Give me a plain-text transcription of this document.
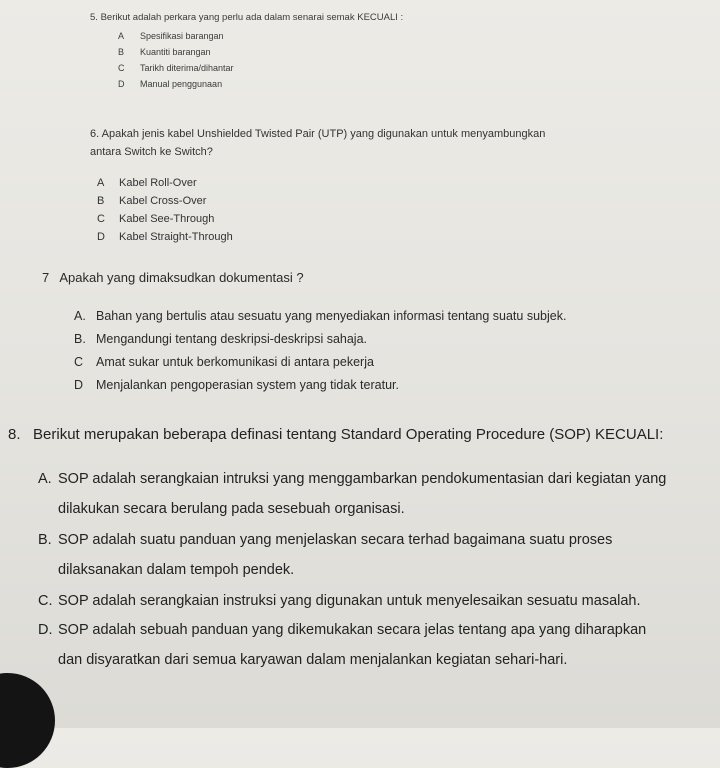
5. Berikut adalah perkara yang perlu ada dalam senarai semak KECUALI :
A Spesifikasi barangan
B Kuantiti barangan
C Tarikh diterima/dihantar
D Manual penggunaan
6. Apakah jenis kabel Unshielded Twisted Pair (UTP) yang digunakan untuk menyambungkan
antara Switch ke Switch?
A Kabel Roll-Over
B Kabel Cross-Over
C Kabel See-Through
D Kabel Straight-Through
7 Apakah yang dimaksudkan dokumentasi ?
A. Bahan yang bertulis atau sesuatu yang menyediakan informasi tentang suatu subjek.
B. Mengandungi tentang deskripsi-deskripsi sahaja.
C Amat sukar untuk berkomunikasi di antara pekerja
D Menjalankan pengoperasian system yang tidak teratur.
8. Berikut merupakan beberapa definasi tentang Standard Operating Procedure (SOP) KECUALI:
A. SOP adalah serangkaian intruksi yang menggambarkan pendokumentasian dari kegiatan yang
dilakukan secara berulang pada sesebuah organisasi.
B. SOP adalah suatu panduan yang menjelaskan secara terhad bagaimana suatu proses
dilaksanakan dalam tempoh pendek.
C. SOP adalah serangkaian instruksi yang digunakan untuk menyelesaikan sesuatu masalah.
D. SOP adalah sebuah panduan yang dikemukakan secara jelas tentang apa yang diharapkan
dan disyaratkan dari semua karyawan dalam menjalankan kegiatan sehari-hari.
